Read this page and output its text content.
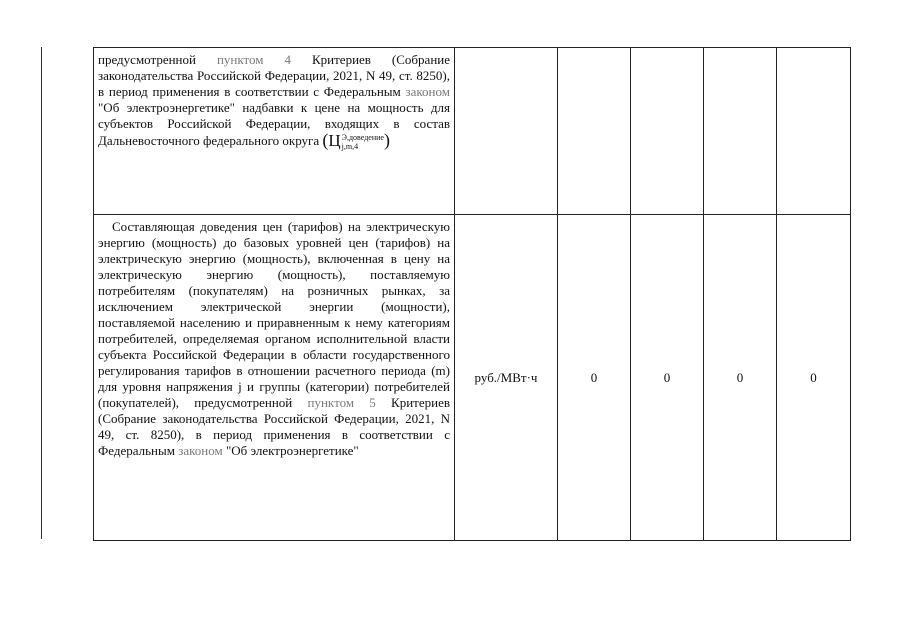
предусмотренной пунктом 4 Критериев (Собрание законодательства Российской Федерации, 2021, N 49, ст. 8250), в период применения в соответствии с Федеральным законом "Об электроэнергетике" надбавки к цене на мощность для субъектов Российской Федерации, входящих в состав Дальневосточного федерального округа (Ц Э,доведение
j,m,4 )					
Составляющая доведения цен (тарифов) на электрическую энергию (мощность) до базовых уровней цен (тарифов) на электрическую энергию (мощность), включенная в цену на электрическую энергию (мощность), поставляемую потребителям (покупателям) на розничных рынках, за исключением электрической энергии (мощности), поставляемой населению и приравненным к нему категориям потребителей, определяемая органом исполнительной власти субъекта Российской Федерации в области государственного регулирования тарифов в отношении расчетного периода (m) для уровня напряжения j и группы (категории) потребителей (покупателей), предусмотренной пунктом 5 Критериев (Собрание законодательства Российской Федерации, 2021, N 49, ст. 8250), в период применения в соответствии с Федеральным законом "Об электроэнергетике"	руб./МВт·ч	0	0	0	0
